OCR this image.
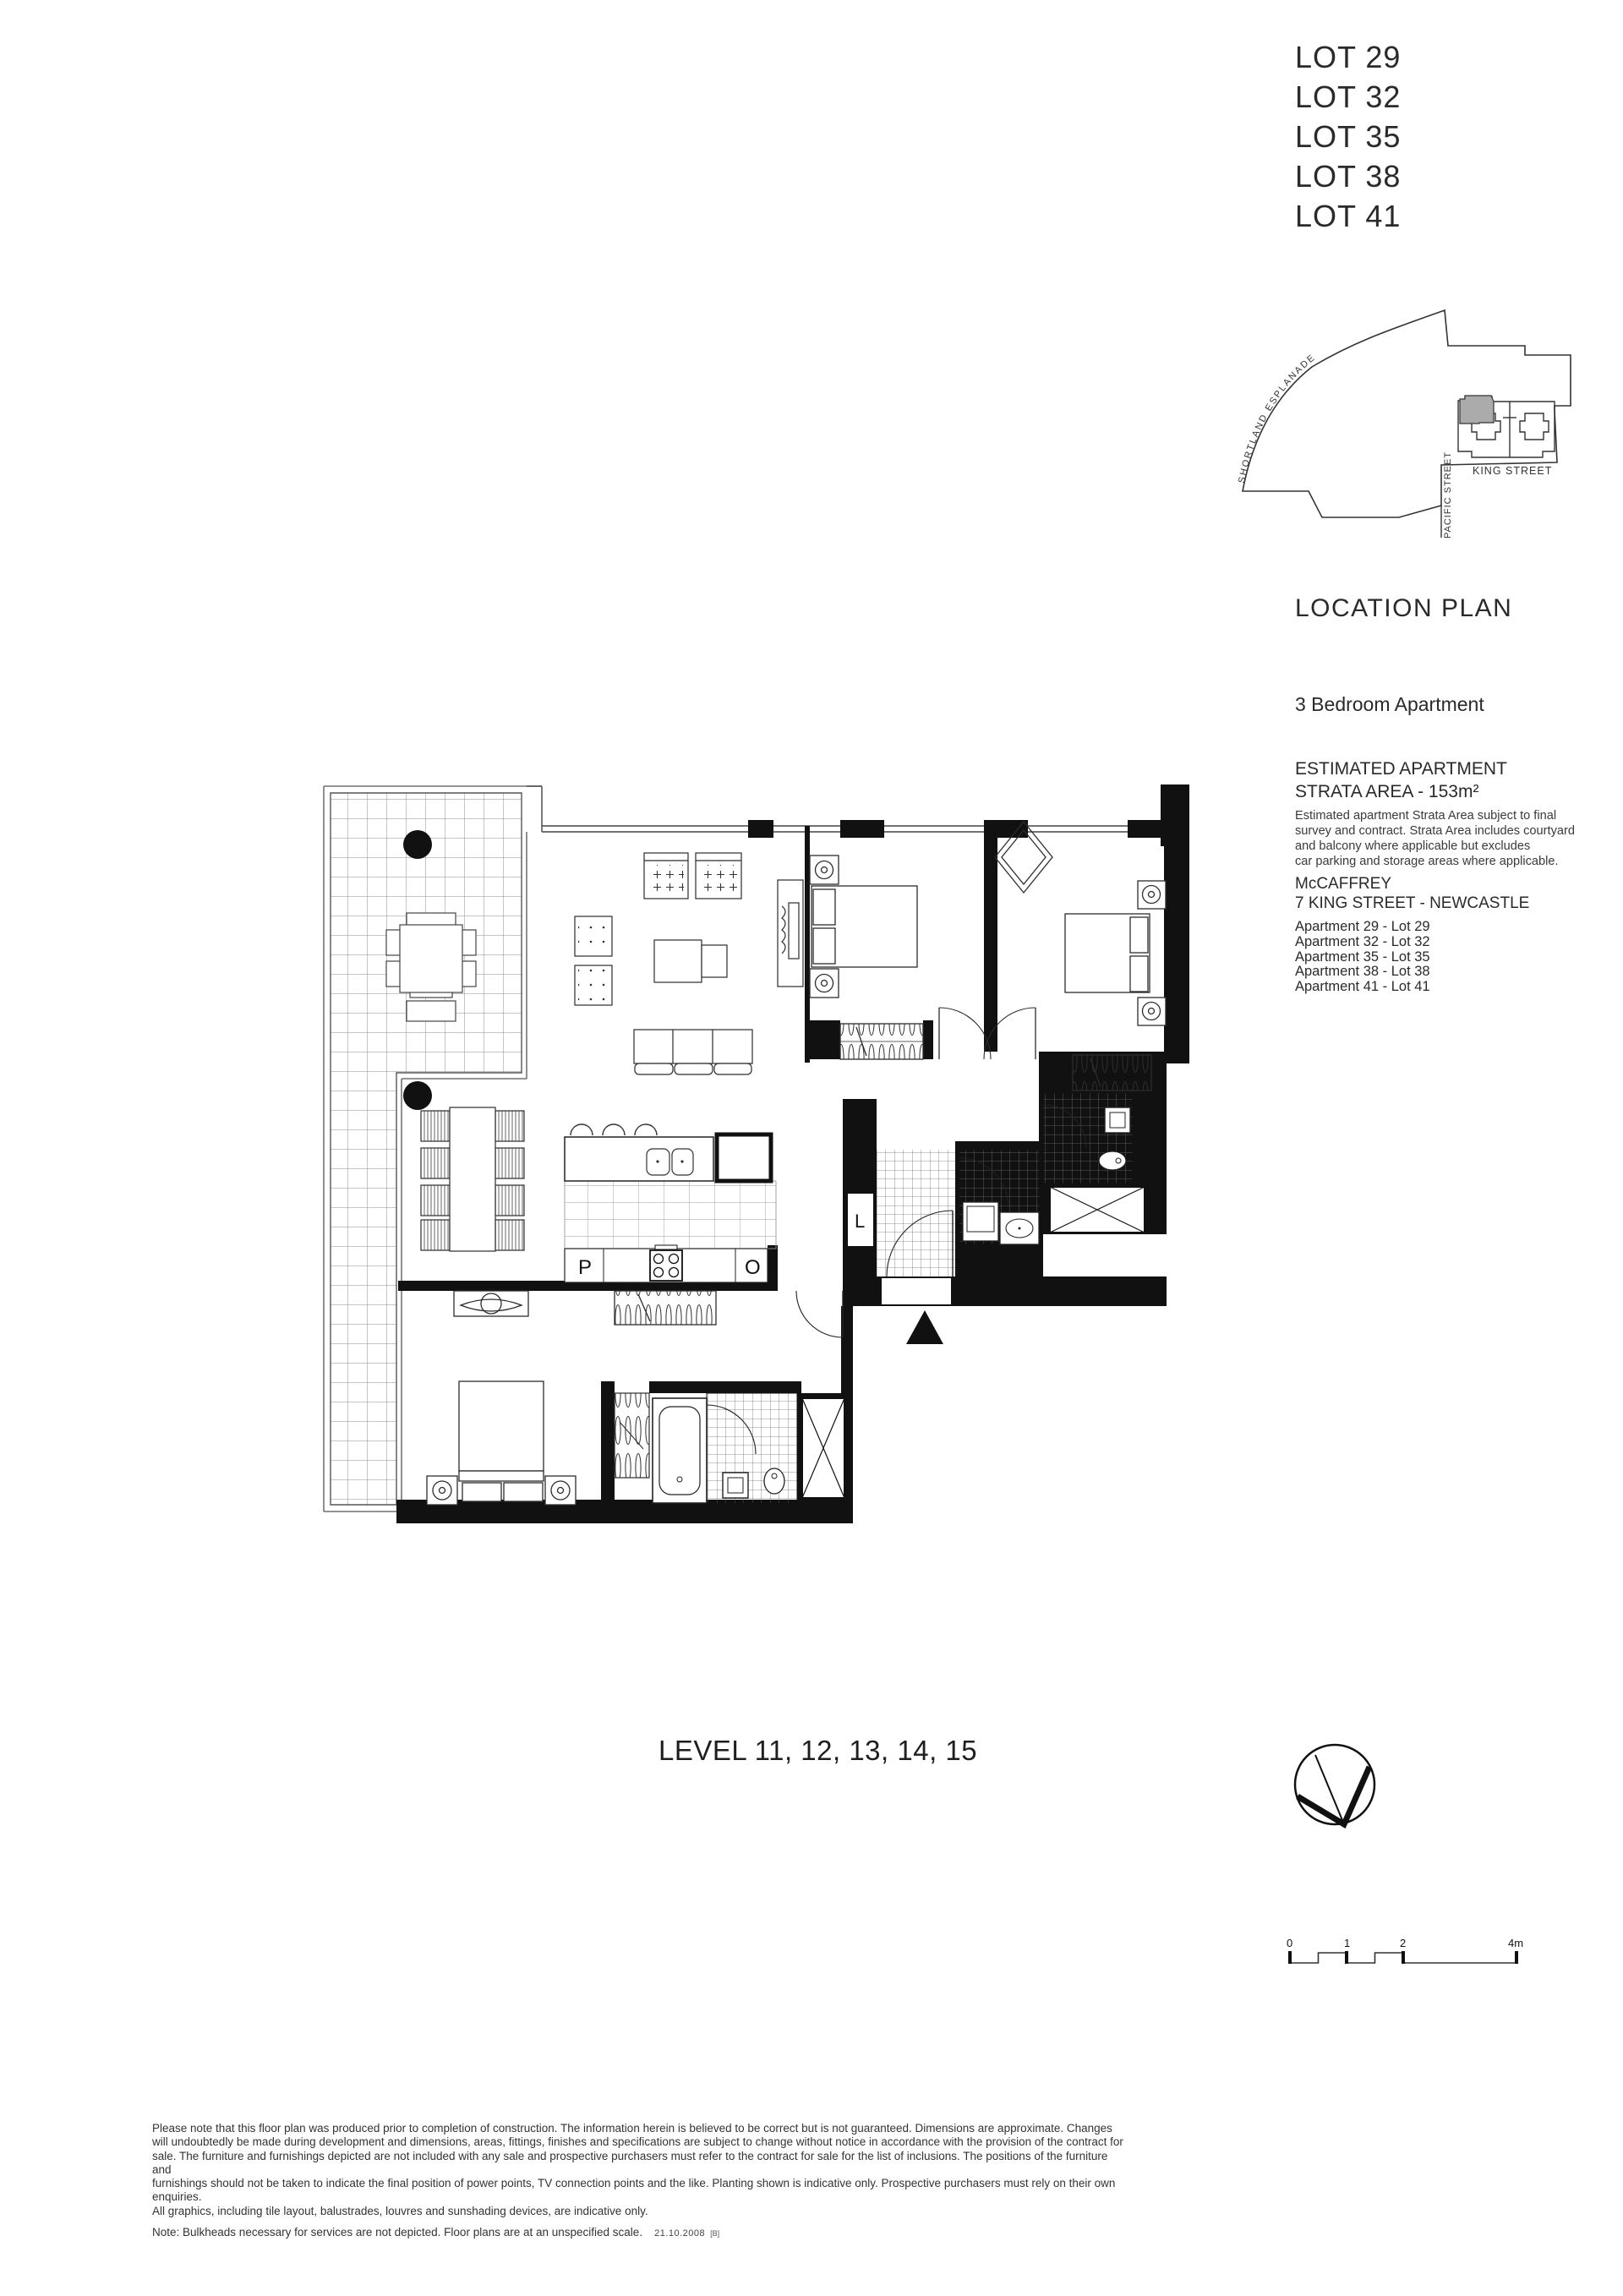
LOT 29
LOT 32
LOT 35
LOT 38
LOT 41
SHORTLAND ESPLANADE
KING STREET
PACIFIC STREET
LOCATION PLAN
3 Bedroom Apartment
ESTIMATED APARTMENT
STRATA AREA - 153m²
Estimated apartment Strata Area subject to final
survey and contract. Strata Area includes courtyard
and balcony where applicable but excludes
car parking and storage areas where applicable.
McCAFFREY
7 KING STREET - NEWCASTLE
Apartment 29 - Lot 29
Apartment 32 - Lot 32
Apartment 35 - Lot 35
Apartment 38 - Lot 38
Apartment 41 - Lot 41
P	O
L
LEVEL 11, 12, 13, 14, 15
0	1	2	4m
Please note that this floor plan was produced prior to completion of construction. The information herein is believed to be correct but is not guaranteed. Dimensions are approximate. Changes
will undoubtedly be made during development and dimensions, areas, fittings, finishes and specifications are subject to change without notice in accordance with the provision of the contract for
sale. The furniture and furnishings depicted are not included with any sale and prospective purchasers must refer to the contract for sale for the list of inclusions. The positions of the furniture and
furnishings should not be taken to indicate the final position of power points, TV connection points and the like. Planting shown is indicative only. Prospective purchasers must rely on their own enquiries.
All graphics, including tile layout, balustrades, louvres and sunshading devices, are indicative only.
Note: Bulkheads necessary for services are not depicted. Floor plans are at an unspecified scale. 21.10.2008 [B]
